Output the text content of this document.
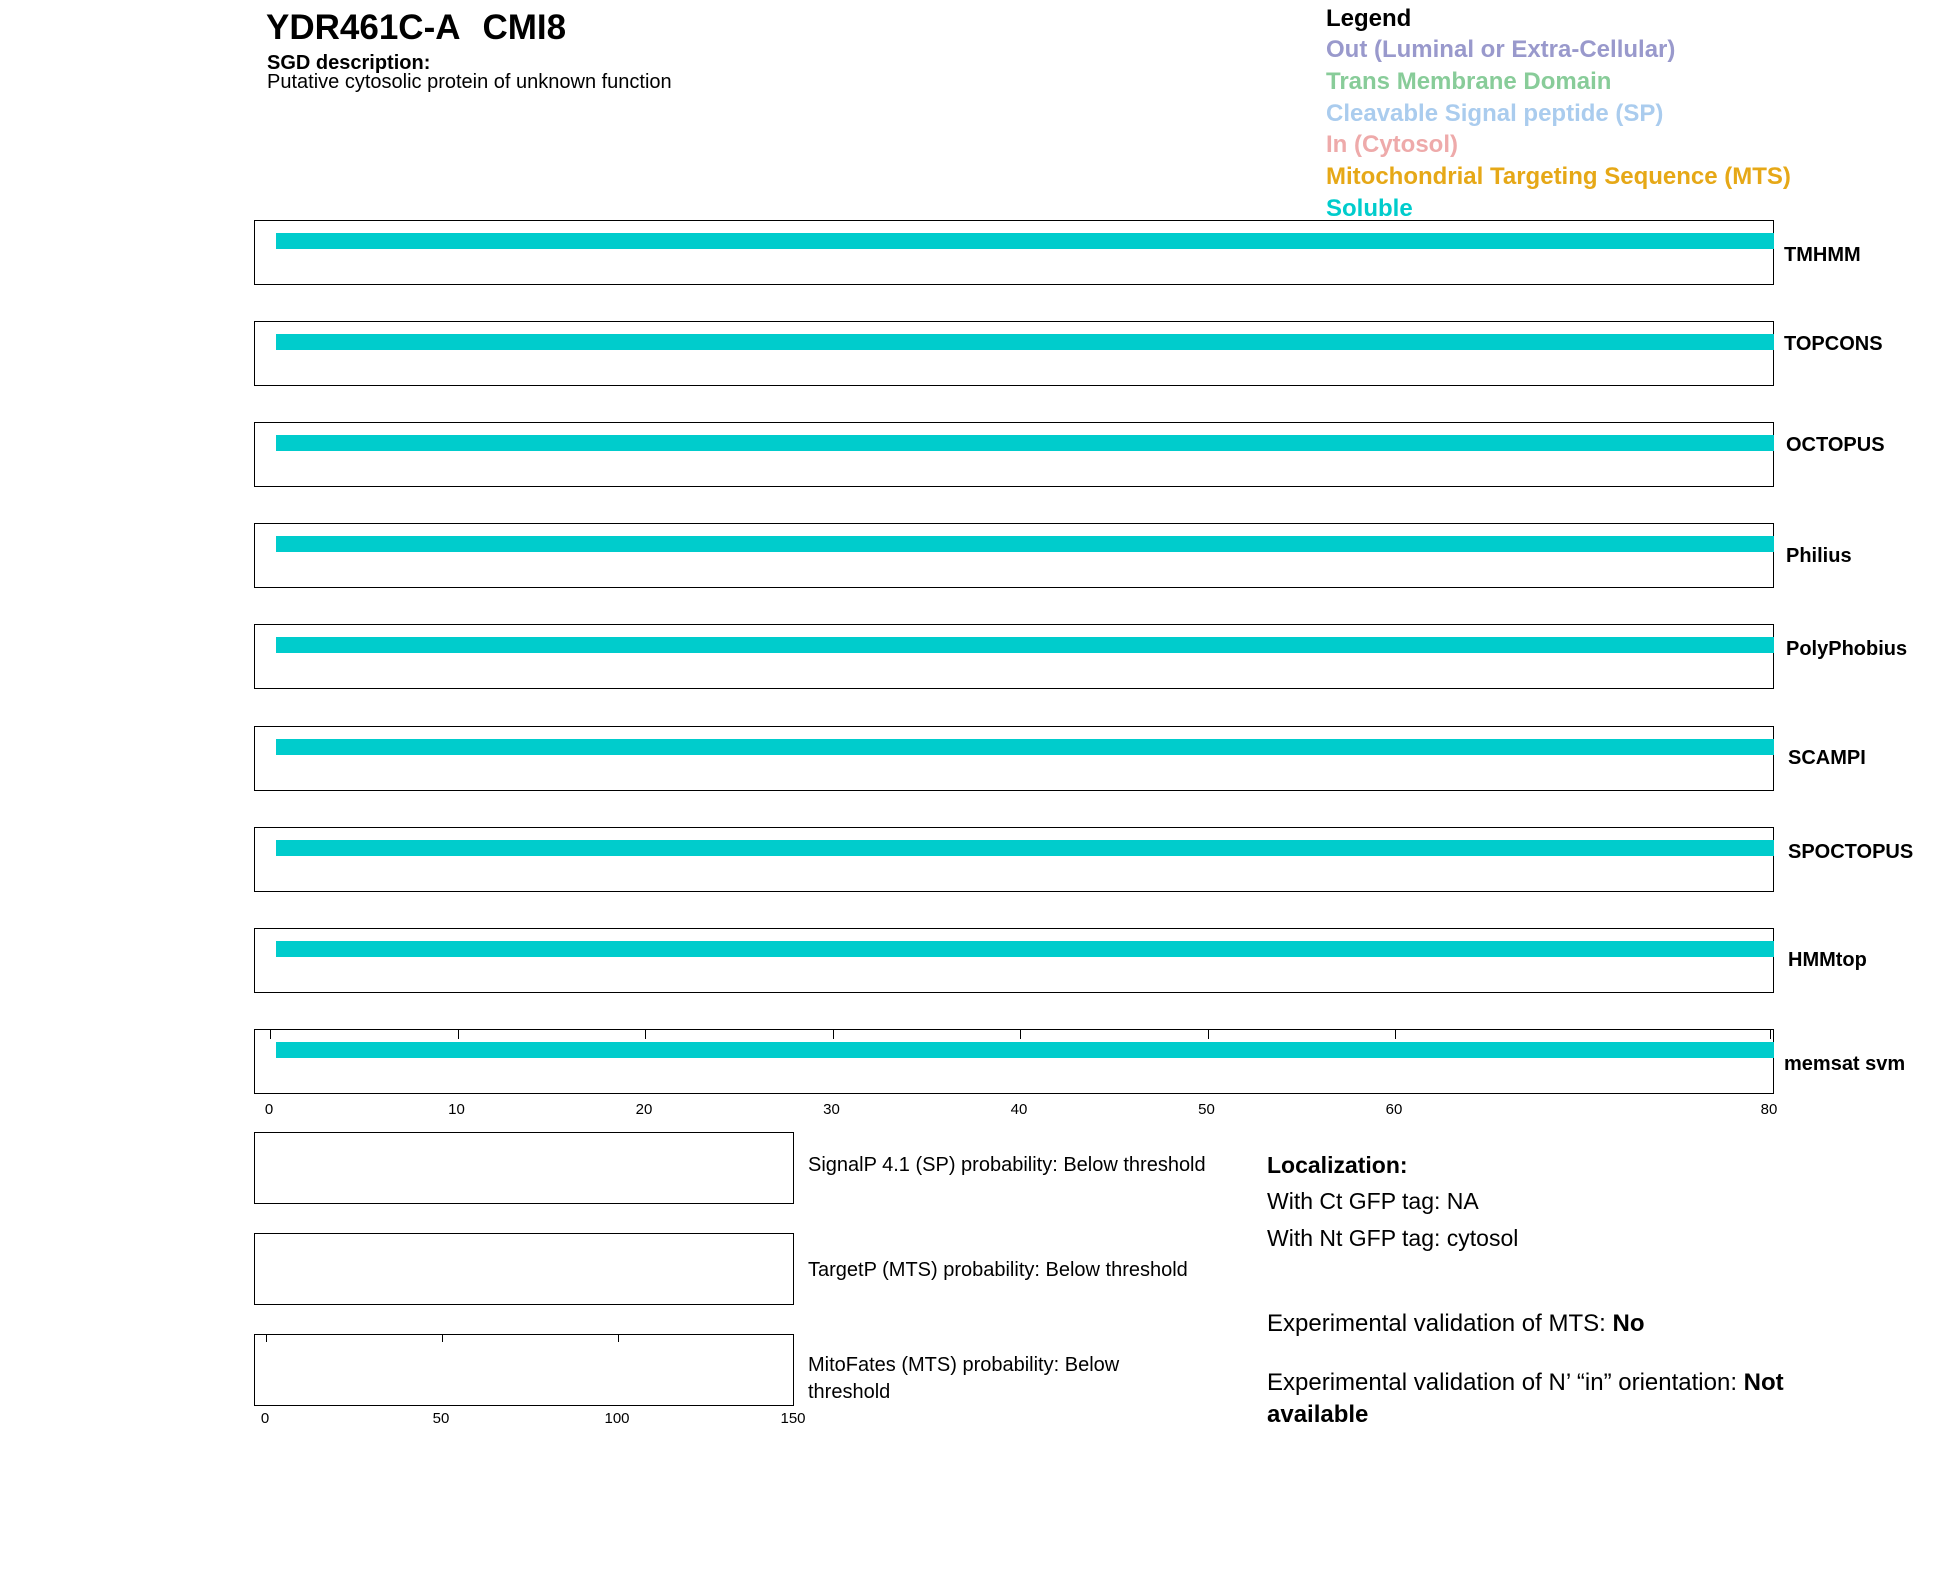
YDR461C-A CMI8
SGD description:
Putative cytosolic protein of unknown function
Legend
Out (Luminal or Extra-Cellular)
Trans Membrane Domain
Cleavable Signal peptide (SP)
In (Cytosol)
Mitochondrial Targeting Sequence (MTS)
Soluble
TMHMM
TOPCONS
OCTOPUS
Philius
PolyPhobius
SCAMPI
SPOCTOPUS
HMMtop
memsat svm
0	10	20	30	40	50	60	80
SignalP 4.1 (SP) probability: Below threshold
TargetP (MTS) probability: Below threshold
MitoFates (MTS) probability: Below threshold
0	50	100	150
Localization:
With Ct GFP tag: NA
With Nt GFP tag: cytosol
Experimental validation of MTS: No
Experimental validation of N’ “in” orientation: Not available
